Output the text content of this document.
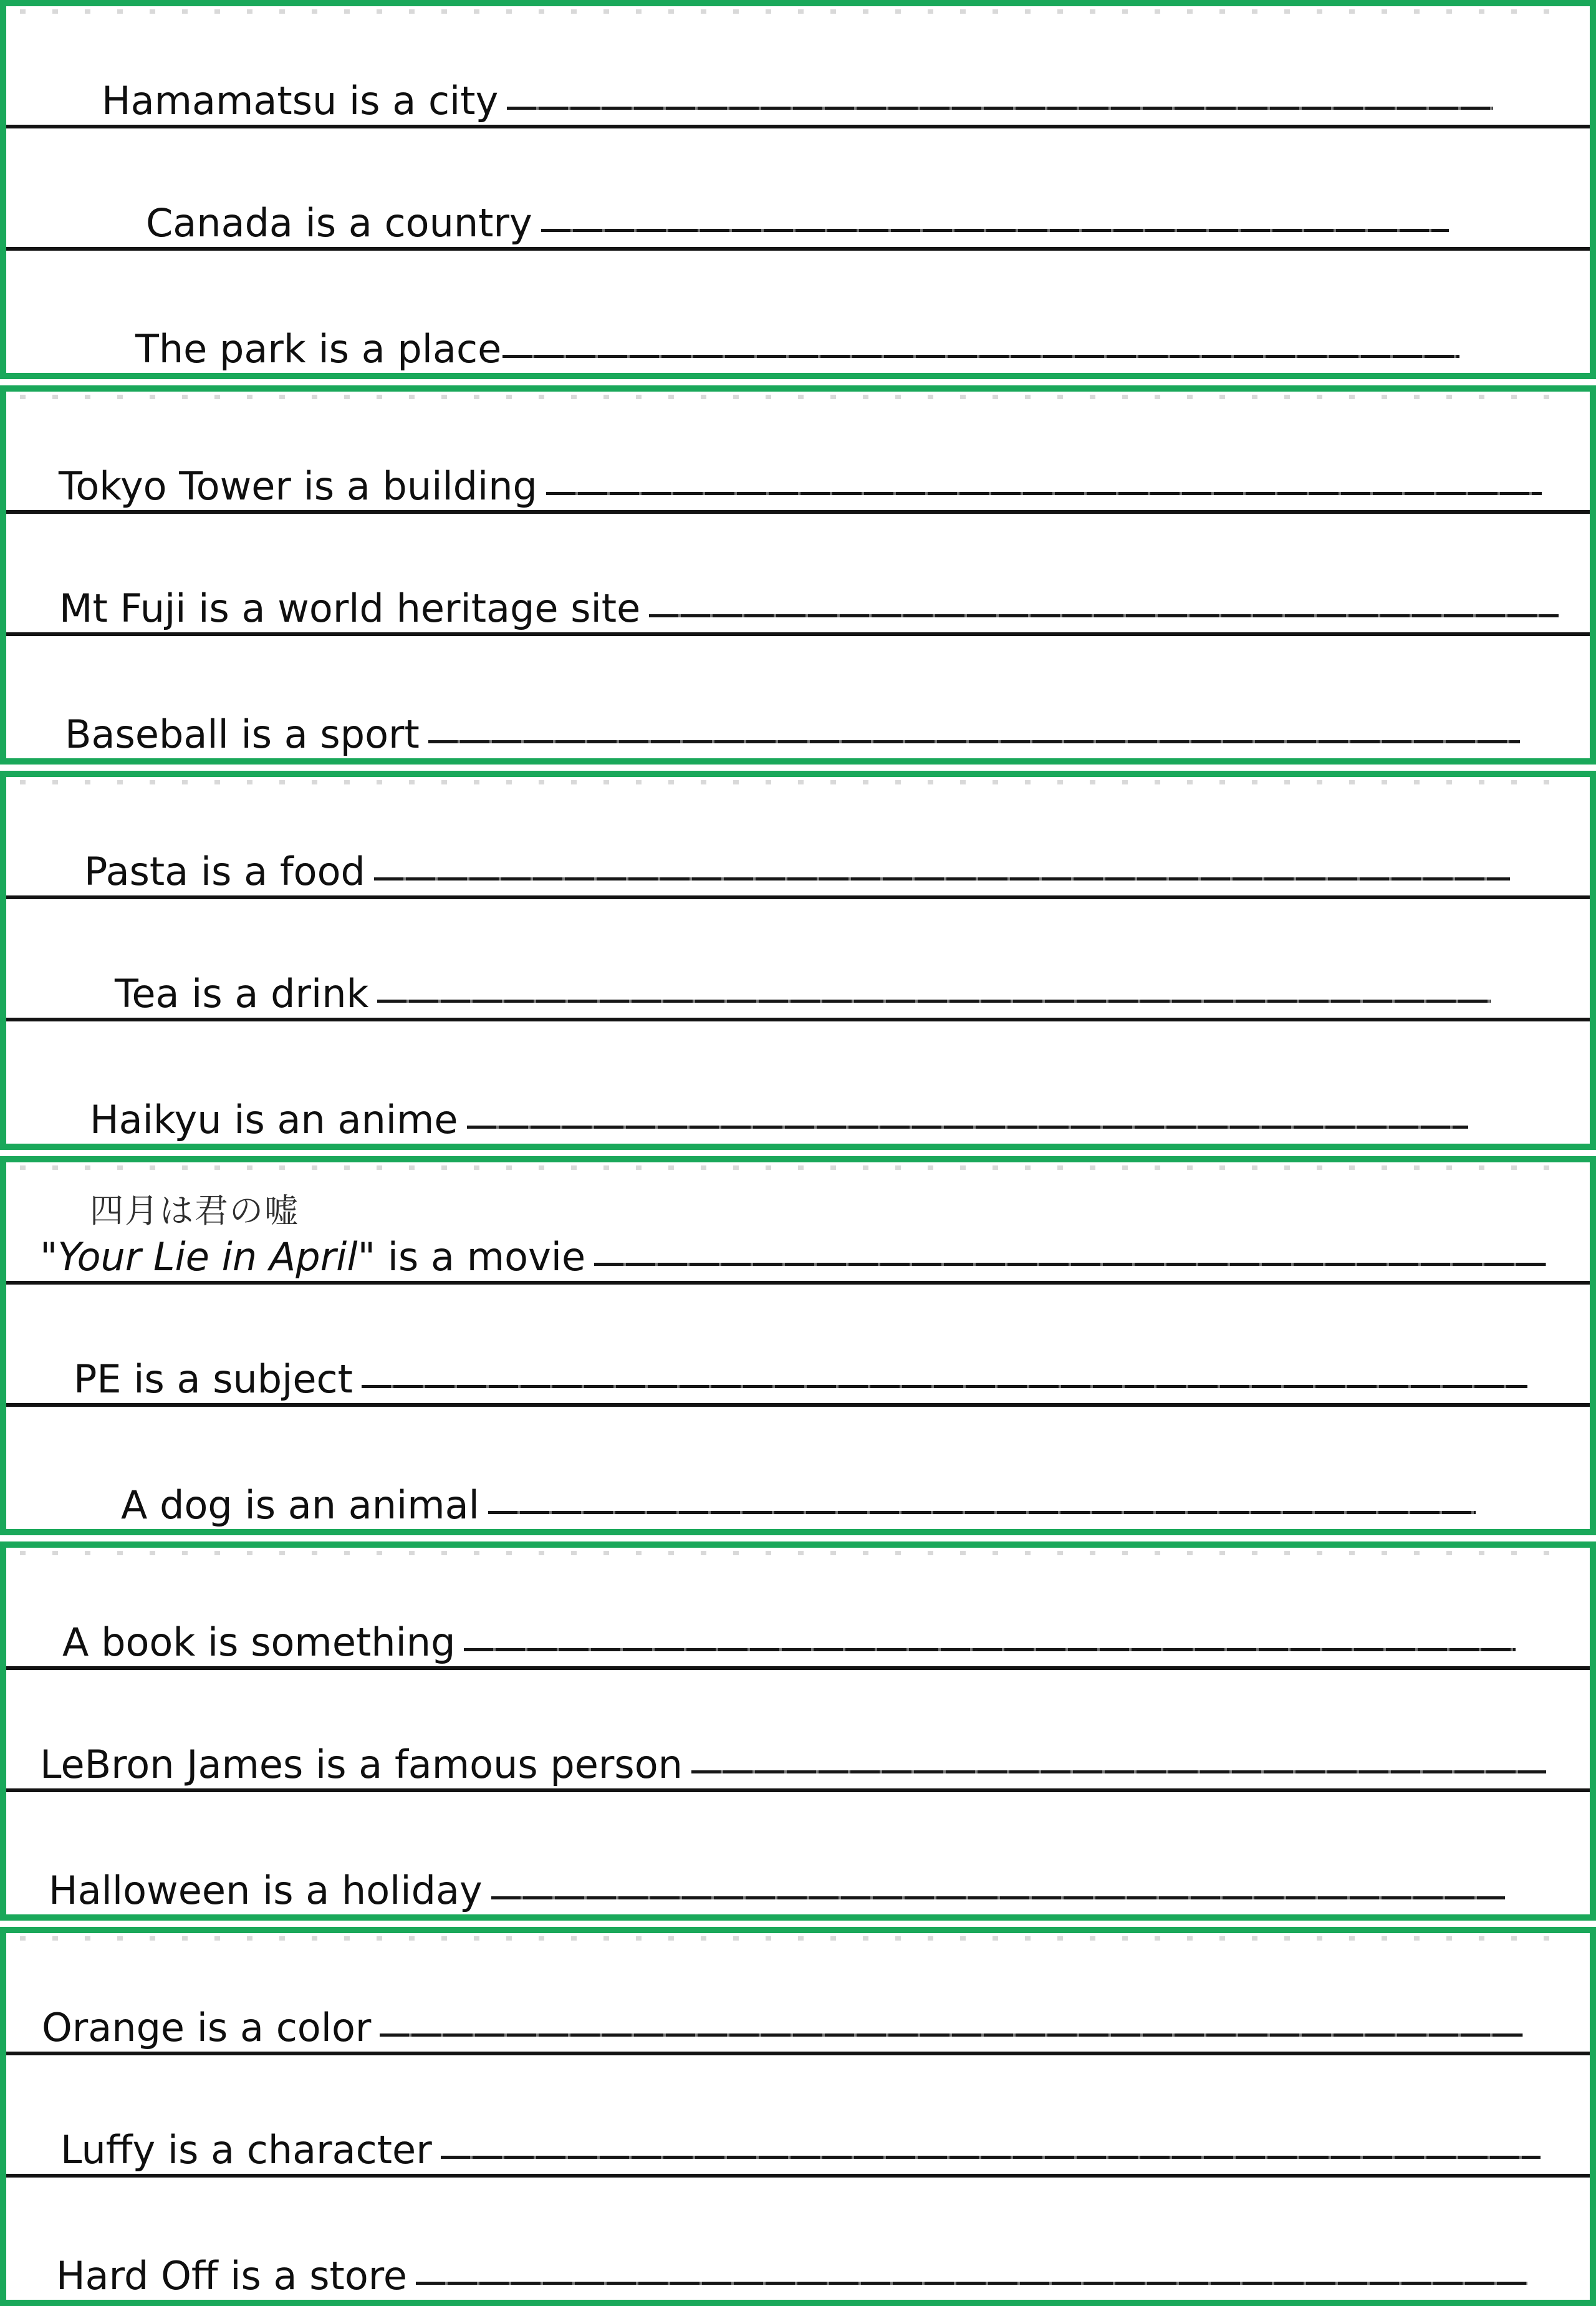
Hamamatsu is a city
Canada is a country
The park is a place
Tokyo Tower is a building
Mt Fuji is a world heritage site
Baseball is a sport
Pasta is a food
Tea is a drink
Haikyu is an anime
四月は君の嘘
"Your Lie in April" is a movie
PE is a subject
A dog is an animal
A book is something
LeBron James is a famous person
Halloween is a holiday
Orange is a color
Luffy is a character
Hard Off is a store
